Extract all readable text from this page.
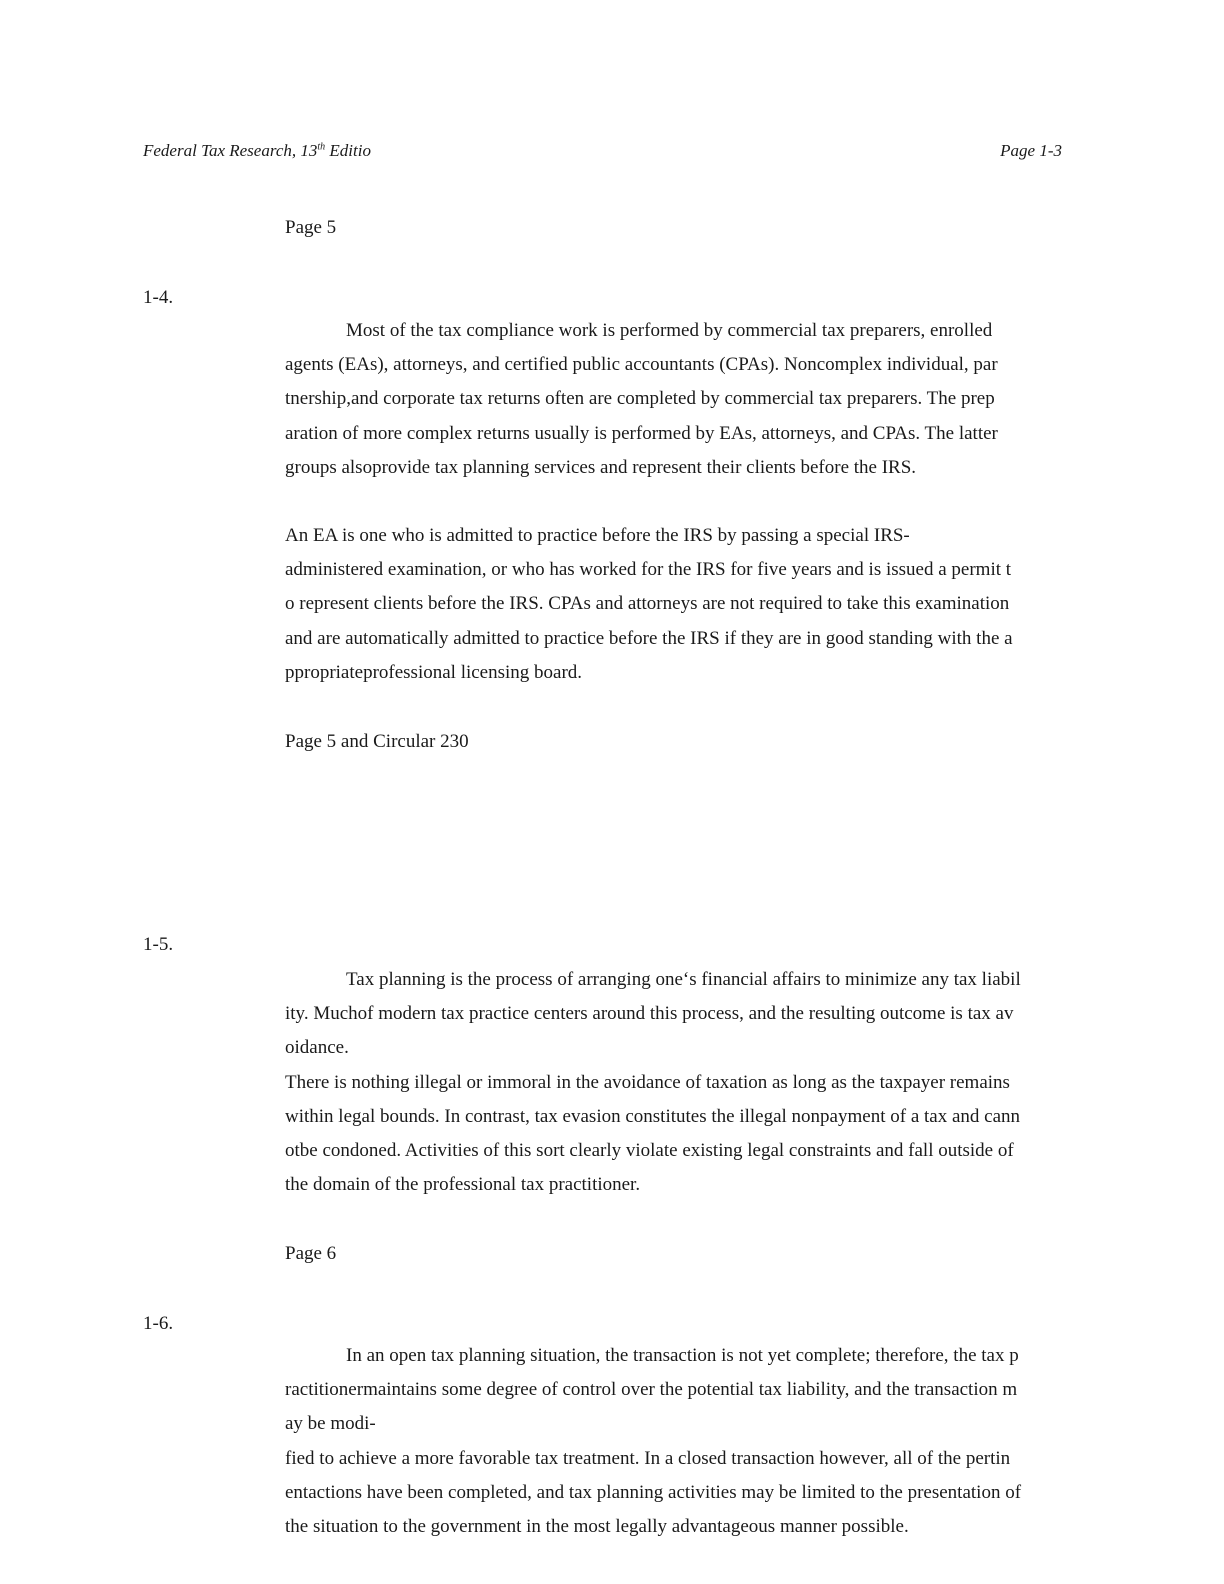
Federal Tax Research, 13th Editio	Page 1-3
Page 5
1-4.
Most of the tax compliance work is performed by commercial tax preparers, enrolled
agents (EAs), attorneys, and certified public accountants (CPAs). Noncomplex individual, par
tnership,and corporate tax returns often are completed by commercial tax preparers. The prep
aration of more complex returns usually is performed by EAs, attorneys, and CPAs. The latter
groups alsoprovide tax planning services and represent their clients before the IRS.
An EA is one who is admitted to practice before the IRS by passing a special IRS-
administered examination, or who has worked for the IRS for five years and is issued a permit t
o represent clients before the IRS. CPAs and attorneys are not required to take this examination
and are automatically admitted to practice before the IRS if they are in good standing with the a
ppropriateprofessional licensing board.
Page 5 and Circular 230
1-5.
Tax planning is the process of arranging one‘s financial affairs to minimize any tax liabil
ity. Muchof modern tax practice centers around this process, and the resulting outcome is tax av
oidance.
There is nothing illegal or immoral in the avoidance of taxation as long as the taxpayer remains
within legal bounds. In contrast, tax evasion constitutes the illegal nonpayment of a tax and cann
otbe condoned. Activities of this sort clearly violate existing legal constraints and fall outside of
the domain of the professional tax practitioner.
Page 6
1-6.
In an open tax planning situation, the transaction is not yet complete; therefore, the tax p
ractitionermaintains some degree of control over the potential tax liability, and the transaction m
ay be modi-
fied to achieve a more favorable tax treatment. In a closed transaction however, all of the pertin
entactions have been completed, and tax planning activities may be limited to the presentation of
the situation to the government in the most legally advantageous manner possible.
